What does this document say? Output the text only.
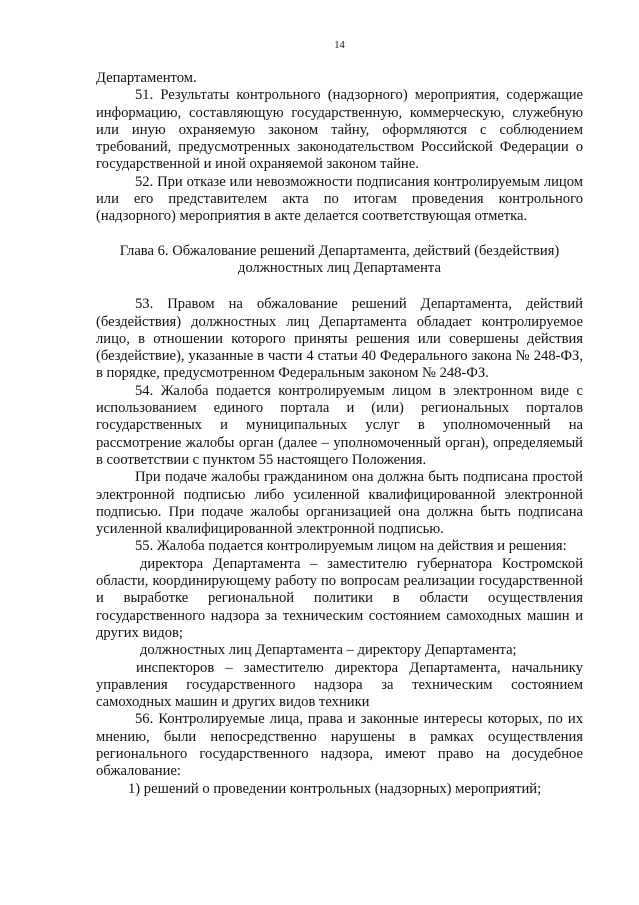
14

Департаментом.

51. Результаты контрольного (надзорного) мероприятия, содержащие информацию, составляющую государственную, коммерческую, служебную или иную охраняемую законом тайну, оформляются с соблюдением требований, предусмотренных законодательством Российской Федерации о государственной и иной охраняемой законом тайне.

52. При отказе или невозможности подписания контролируемым лицом или его представителем акта по итогам проведения контрольного (надзорного) мероприятия в акте делается соответствующая отметка.

Глава 6. Обжалование решений Департамента, действий (бездействия)
должностных лиц Департамента

53. Правом на обжалование решений Департамента, действий (бездействия) должностных лиц Департамента обладает контролируемое лицо, в отношении которого приняты решения или совершены действия (бездействие), указанные в части 4 статьи 40 Федерального закона № 248-ФЗ, в порядке, предусмотренном Федеральным законом № 248-ФЗ.

54. Жалоба подается контролируемым лицом в электронном виде с использованием единого портала и (или) региональных порталов государственных и муниципальных услуг в уполномоченный на рассмотрение жалобы орган (далее – уполномоченный орган), определяемый в соответствии с пунктом 55 настоящего Положения.

При подаче жалобы гражданином она должна быть подписана простой электронной подписью либо усиленной квалифицированной электронной подписью. При подаче жалобы организацией она должна быть подписана усиленной квалифицированной электронной подписью.

55. Жалоба подается контролируемым лицом на действия и решения:

директора Департамента – заместителю губернатора Костромской области, координирующему работу по вопросам реализации государственной и выработке региональной политики в области осуществления государственного надзора за техническим состоянием самоходных машин и других видов;

должностных лиц Департамента – директору Департамента;

инспекторов – заместителю директора Департамента, начальнику управления государственного надзора за техническим состоянием самоходных машин и других видов техники

56. Контролируемые лица, права и законные интересы которых, по их мнению, были непосредственно нарушены в рамках осуществления регионального государственного надзора, имеют право на досудебное обжалование:

1) решений о проведении контрольных (надзорных) мероприятий;
